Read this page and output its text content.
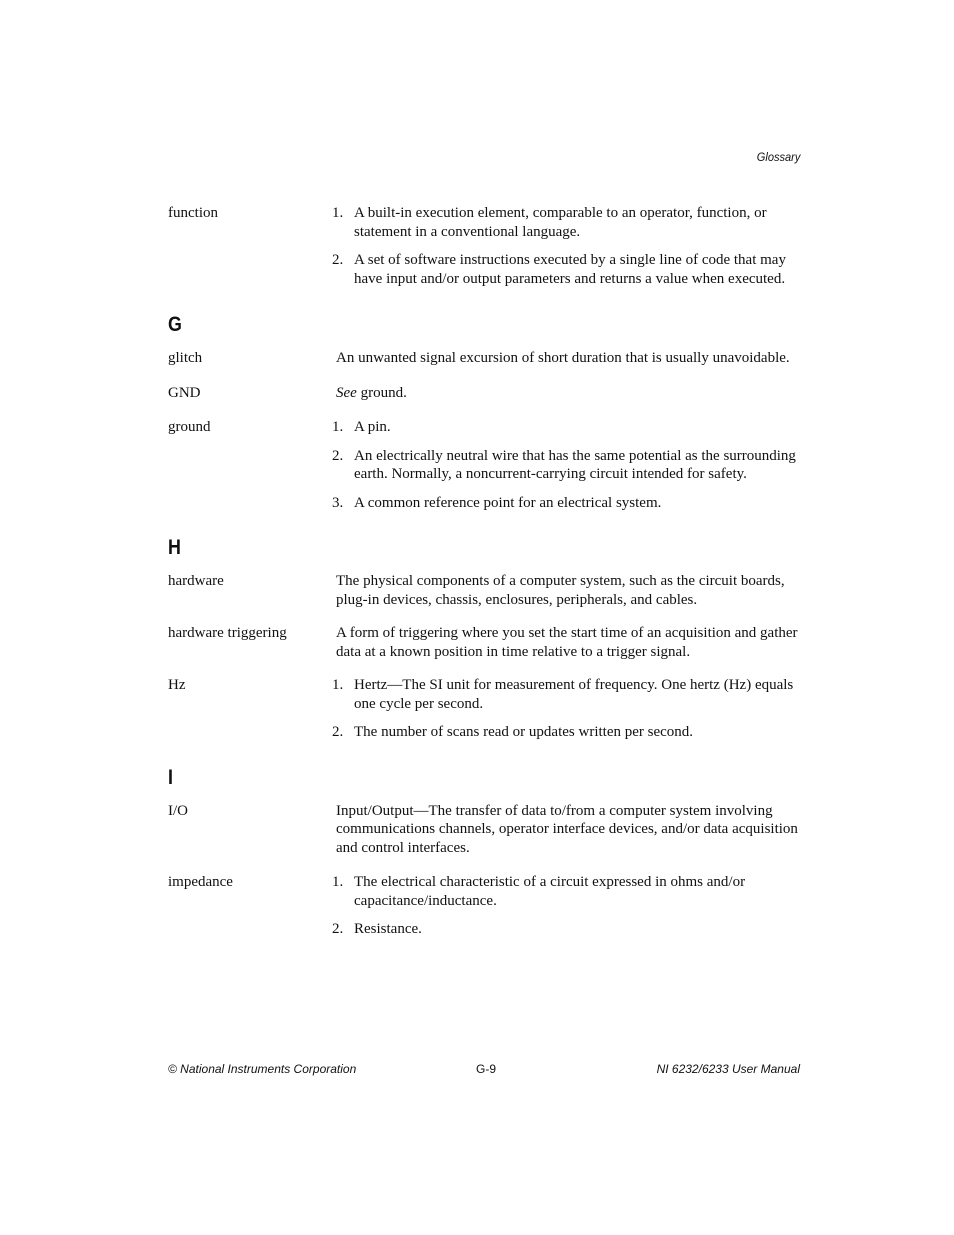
Glossary
function	1. A built-in execution element, comparable to an operator, function, or statement in a conventional language.
2. A set of software instructions executed by a single line of code that may have input and/or output parameters and returns a value when executed.
G
glitch	An unwanted signal excursion of short duration that is usually unavoidable.

GND	See ground.

ground	1. A pin.
2. An electrically neutral wire that has the same potential as the surrounding earth. Normally, a noncurrent-carrying circuit intended for safety.
3. A common reference point for an electrical system.
H
hardware	The physical components of a computer system, such as the circuit boards, plug-in devices, chassis, enclosures, peripherals, and cables.

hardware triggering	A form of triggering where you set the start time of an acquisition and gather data at a known position in time relative to a trigger signal.

Hz	1. Hertz—The SI unit for measurement of frequency. One hertz (Hz) equals one cycle per second.
2. The number of scans read or updates written per second.
I
I/O	Input/Output—The transfer of data to/from a computer system involving communications channels, operator interface devices, and/or data acquisition and control interfaces.

impedance	1. The electrical characteristic of a circuit expressed in ohms and/or capacitance/inductance.
2. Resistance.
© National Instruments Corporation	G-9	NI 6232/6233 User Manual
